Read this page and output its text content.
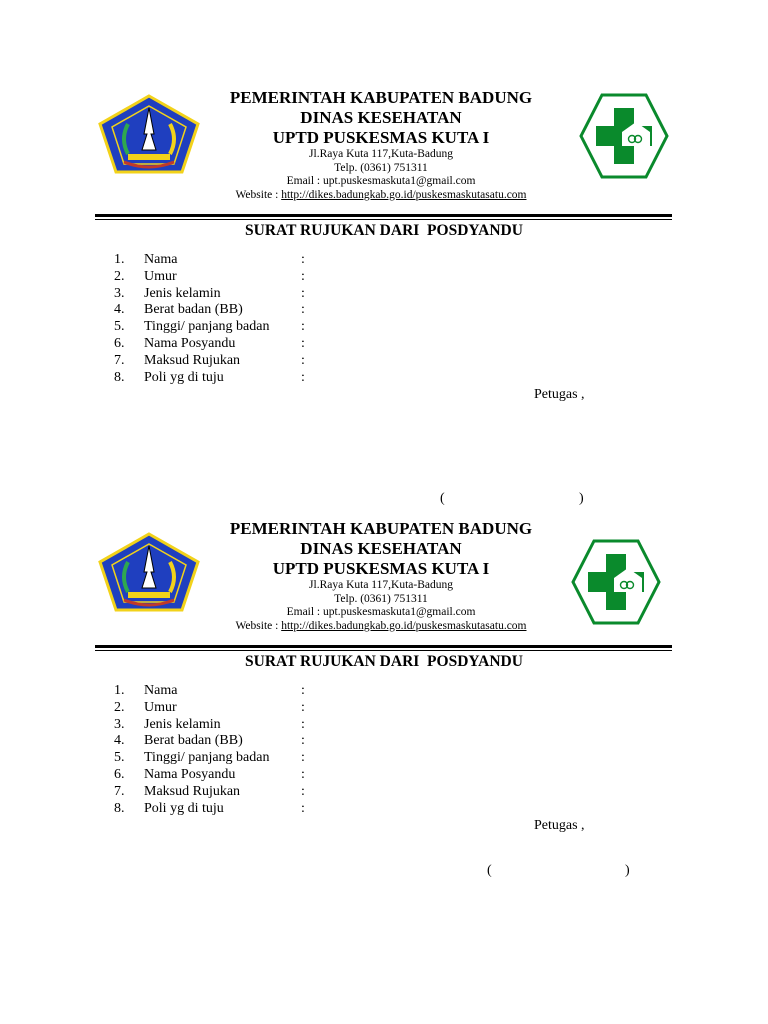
PEMERINTAH KABUPATEN BADUNG
DINAS KESEHATAN
UPTD PUSKESMAS KUTA I
Jl.Raya Kuta 117,Kuta-Badung
Telp. (0361) 751311
Email : upt.puskesmaskuta1@gmail.com
Website : http://dikes.badungkab.go.id/puskesmaskutasatu.com
SURAT RUJUKAN DARI  POSDYANDU
1. Nama	:
2. Umur	:
3. Jenis kelamin	:
4. Berat badan (BB)	:
5. Tinggi/ panjang badan :
6. Nama Posyandu	:
7. Maksud Rujukan	:
8. Poli yg di tuju	:
Petugas ,
(	)
PEMERINTAH KABUPATEN BADUNG
DINAS KESEHATAN
UPTD PUSKESMAS KUTA I
Jl.Raya Kuta 117,Kuta-Badung
Telp. (0361) 751311
Email : upt.puskesmaskuta1@gmail.com
Website : http://dikes.badungkab.go.id/puskesmaskutasatu.com
SURAT RUJUKAN DARI  POSDYANDU
1. Nama	:
2. Umur	:
3. Jenis kelamin	:
4. Berat badan (BB)	:
5. Tinggi/ panjang badan :
6. Nama Posyandu	:
7. Maksud Rujukan	:
8. Poli yg di tuju	:
Petugas ,
(	)
